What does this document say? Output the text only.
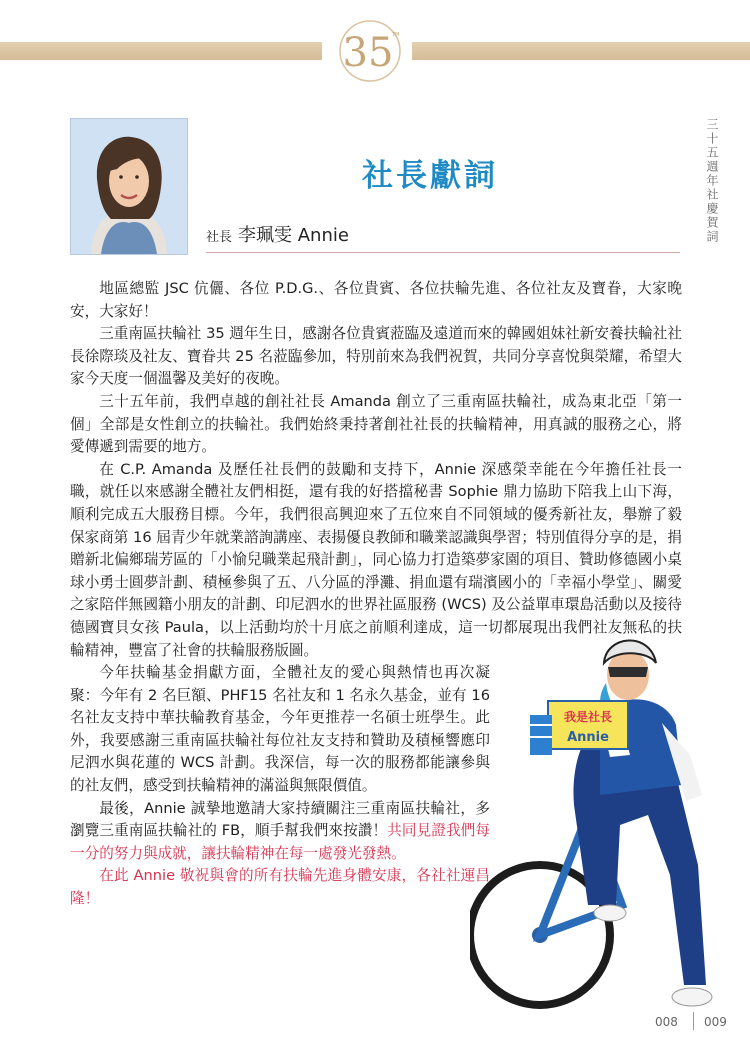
35
TM
社長獻詞
社長 李珮雯 Annie	三十五週年社慶賀詞

地區總監 JSC 伉儷、各位 P.D.G.、各位貴賓、各位扶輪先進、各位社友及寶眷，大家晚安，大家好！

三重南區扶輪社 35 週年生日，感謝各位貴賓蒞臨及遠道而來的韓國姐妹社新安養扶輪社社長徐際琰及社友、寶眷共 25 名蒞臨參加，特別前來為我們祝賀，共同分享喜悅與榮耀，希望大家今天度一個溫馨及美好的夜晚。

三十五年前，我們卓越的創社社長 Amanda 創立了三重南區扶輪社，成為東北亞「第一個」全部是女性創立的扶輪社。我們始終秉持著創社社長的扶輪精神，用真誠的服務之心，將愛傳遞到需要的地方。

在 C.P. Amanda 及歷任社長們的鼓勵和支持下，Annie 深感榮幸能在今年擔任社長一職，就任以來感謝全體社友們相挺，還有我的好搭擋秘書 Sophie 鼎力協助下陪我上山下海，順利完成五大服務目標。今年，我們很高興迎來了五位來自不同領域的優秀新社友，舉辦了毅保家商第 16 屆青少年就業諮詢講座、表揚優良教師和職業認識與學習；特別值得分享的是，捐贈新北偏鄉瑞芳區的「小愉兒職業起飛計劃」，同心協力打造築夢家園的項目、贊助修德國小桌球小勇士圓夢計劃、積極參與了五、八分區的淨灘、捐血還有瑞濱國小的「幸福小學堂」、關愛之家陪伴無國籍小朋友的計劃、印尼泗水的世界社區服務 (WCS) 及公益單車環島活動以及接待德國寶貝女孩 Paula，以上活動均於十月底之前順利達成，這一切都展現出我們社友無私的扶輪精神，豐富了社會的扶輪服務版圖。

今年扶輪基金捐獻方面，全體社友的愛心與熱情也再次凝聚：今年有 2 名巨額、PHF15 名社友和 1 名永久基金，並有 16 名社友支持中華扶輪教育基金，今年更推荐一名碩士班學生。此外，我要感謝三重南區扶輪社每位社友支持和贊助及積極響應印尼泗水與花蓮的 WCS 計劃。我深信，每一次的服務都能讓參與的社友們，感受到扶輪精神的滿溢與無限價值。

最後，Annie 誠摯地邀請大家持續關注三重南區扶輪社，多瀏覽三重南區扶輪社的 FB，順手幫我們來按讚！共同見證我們每一分的努力與成就，讓扶輪精神在每一處發光發熱。

在此 Annie 敬祝與會的所有扶輪先進身體安康，各社社運昌隆！

我是社長
Annie
008 009
